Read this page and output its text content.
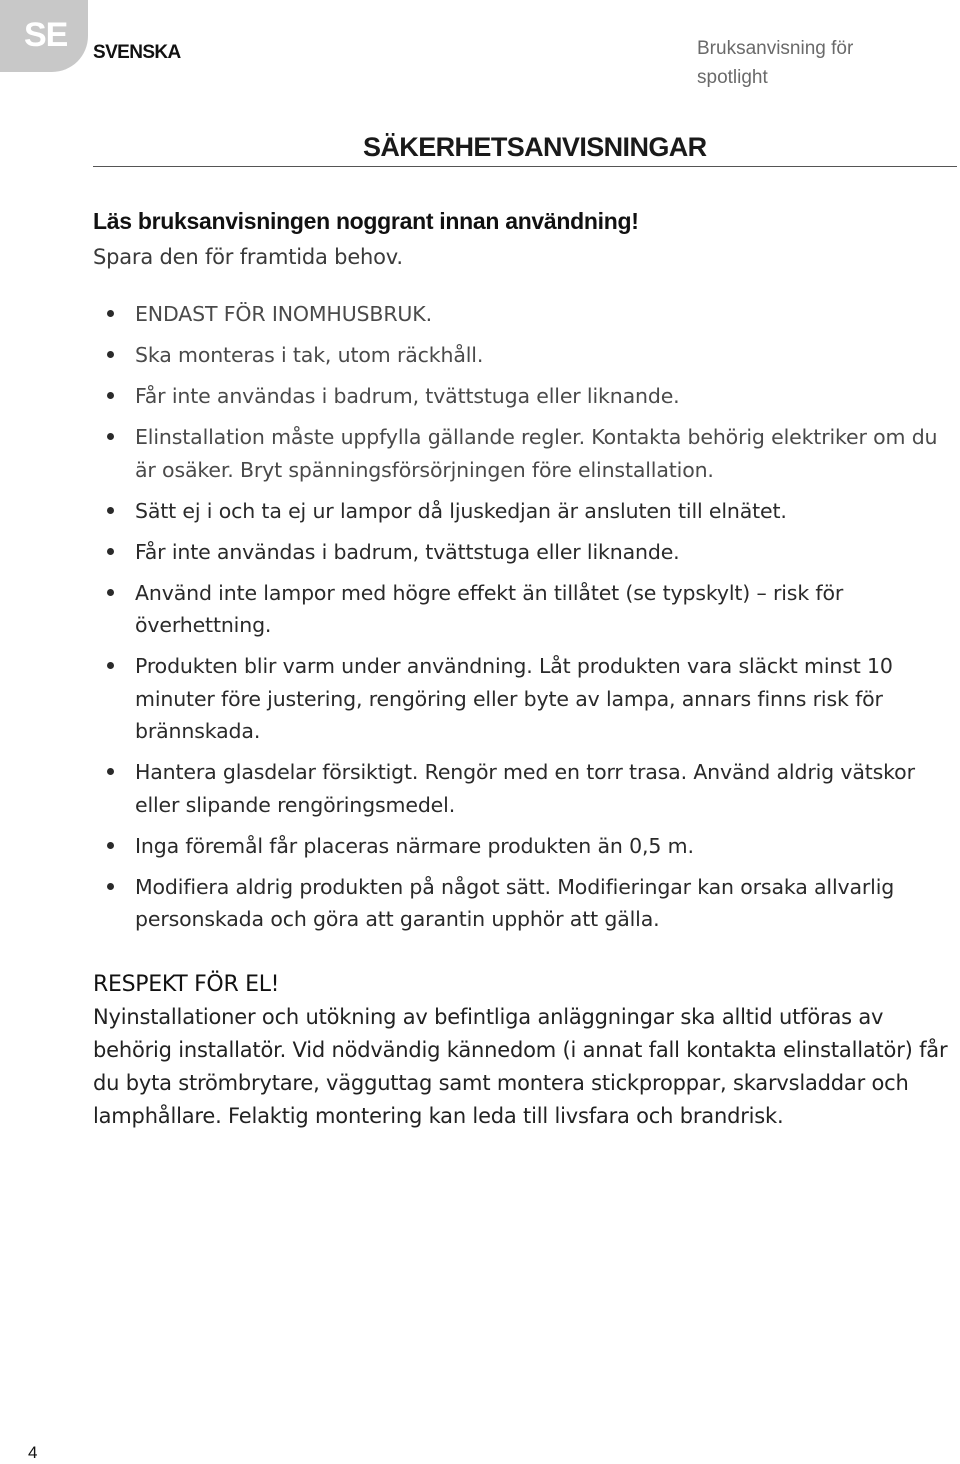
SE SVENSKA	Bruksanvisning för spotlight
SÄKERHETSANVISNINGAR
Läs bruksanvisningen noggrant innan användning!
Spara den för framtida behov.
ENDAST FÖR INOMHUSBRUK.
Ska monteras i tak, utom räckhåll.
Får inte användas i badrum, tvättstuga eller liknande.
Elinstallation måste uppfylla gällande regler. Kontakta behörig elektriker om du är osäker. Bryt spänningsförsörjningen före elinstallation.
Sätt ej i och ta ej ur lampor då ljuskedjan är ansluten till elnätet.
Får inte användas i badrum, tvättstuga eller liknande.
Använd inte lampor med högre effekt än tillåtet (se typskylt) – risk för överhettning.
Produkten blir varm under användning. Låt produkten vara släckt minst 10 minuter före justering, rengöring eller byte av lampa, annars finns risk för brännskada.
Hantera glasdelar försiktigt. Rengör med en torr trasa. Använd aldrig vätskor eller slipande rengöringsmedel.
Inga föremål får placeras närmare produkten än 0,5 m.
Modifiera aldrig produkten på något sätt. Modifieringar kan orsaka allvarlig personskada och göra att garantin upphör att gälla.
RESPEKT FÖR EL!
Nyinstallationer och utökning av befintliga anläggningar ska alltid utföras av behörig installatör. Vid nödvändig kännedom (i annat fall kontakta elinstallatör) får du byta strömbrytare, vägguttag samt montera stickproppar, skarvsladdar och lamphållare. Felaktig montering kan leda till livsfara och brandrisk.
4
